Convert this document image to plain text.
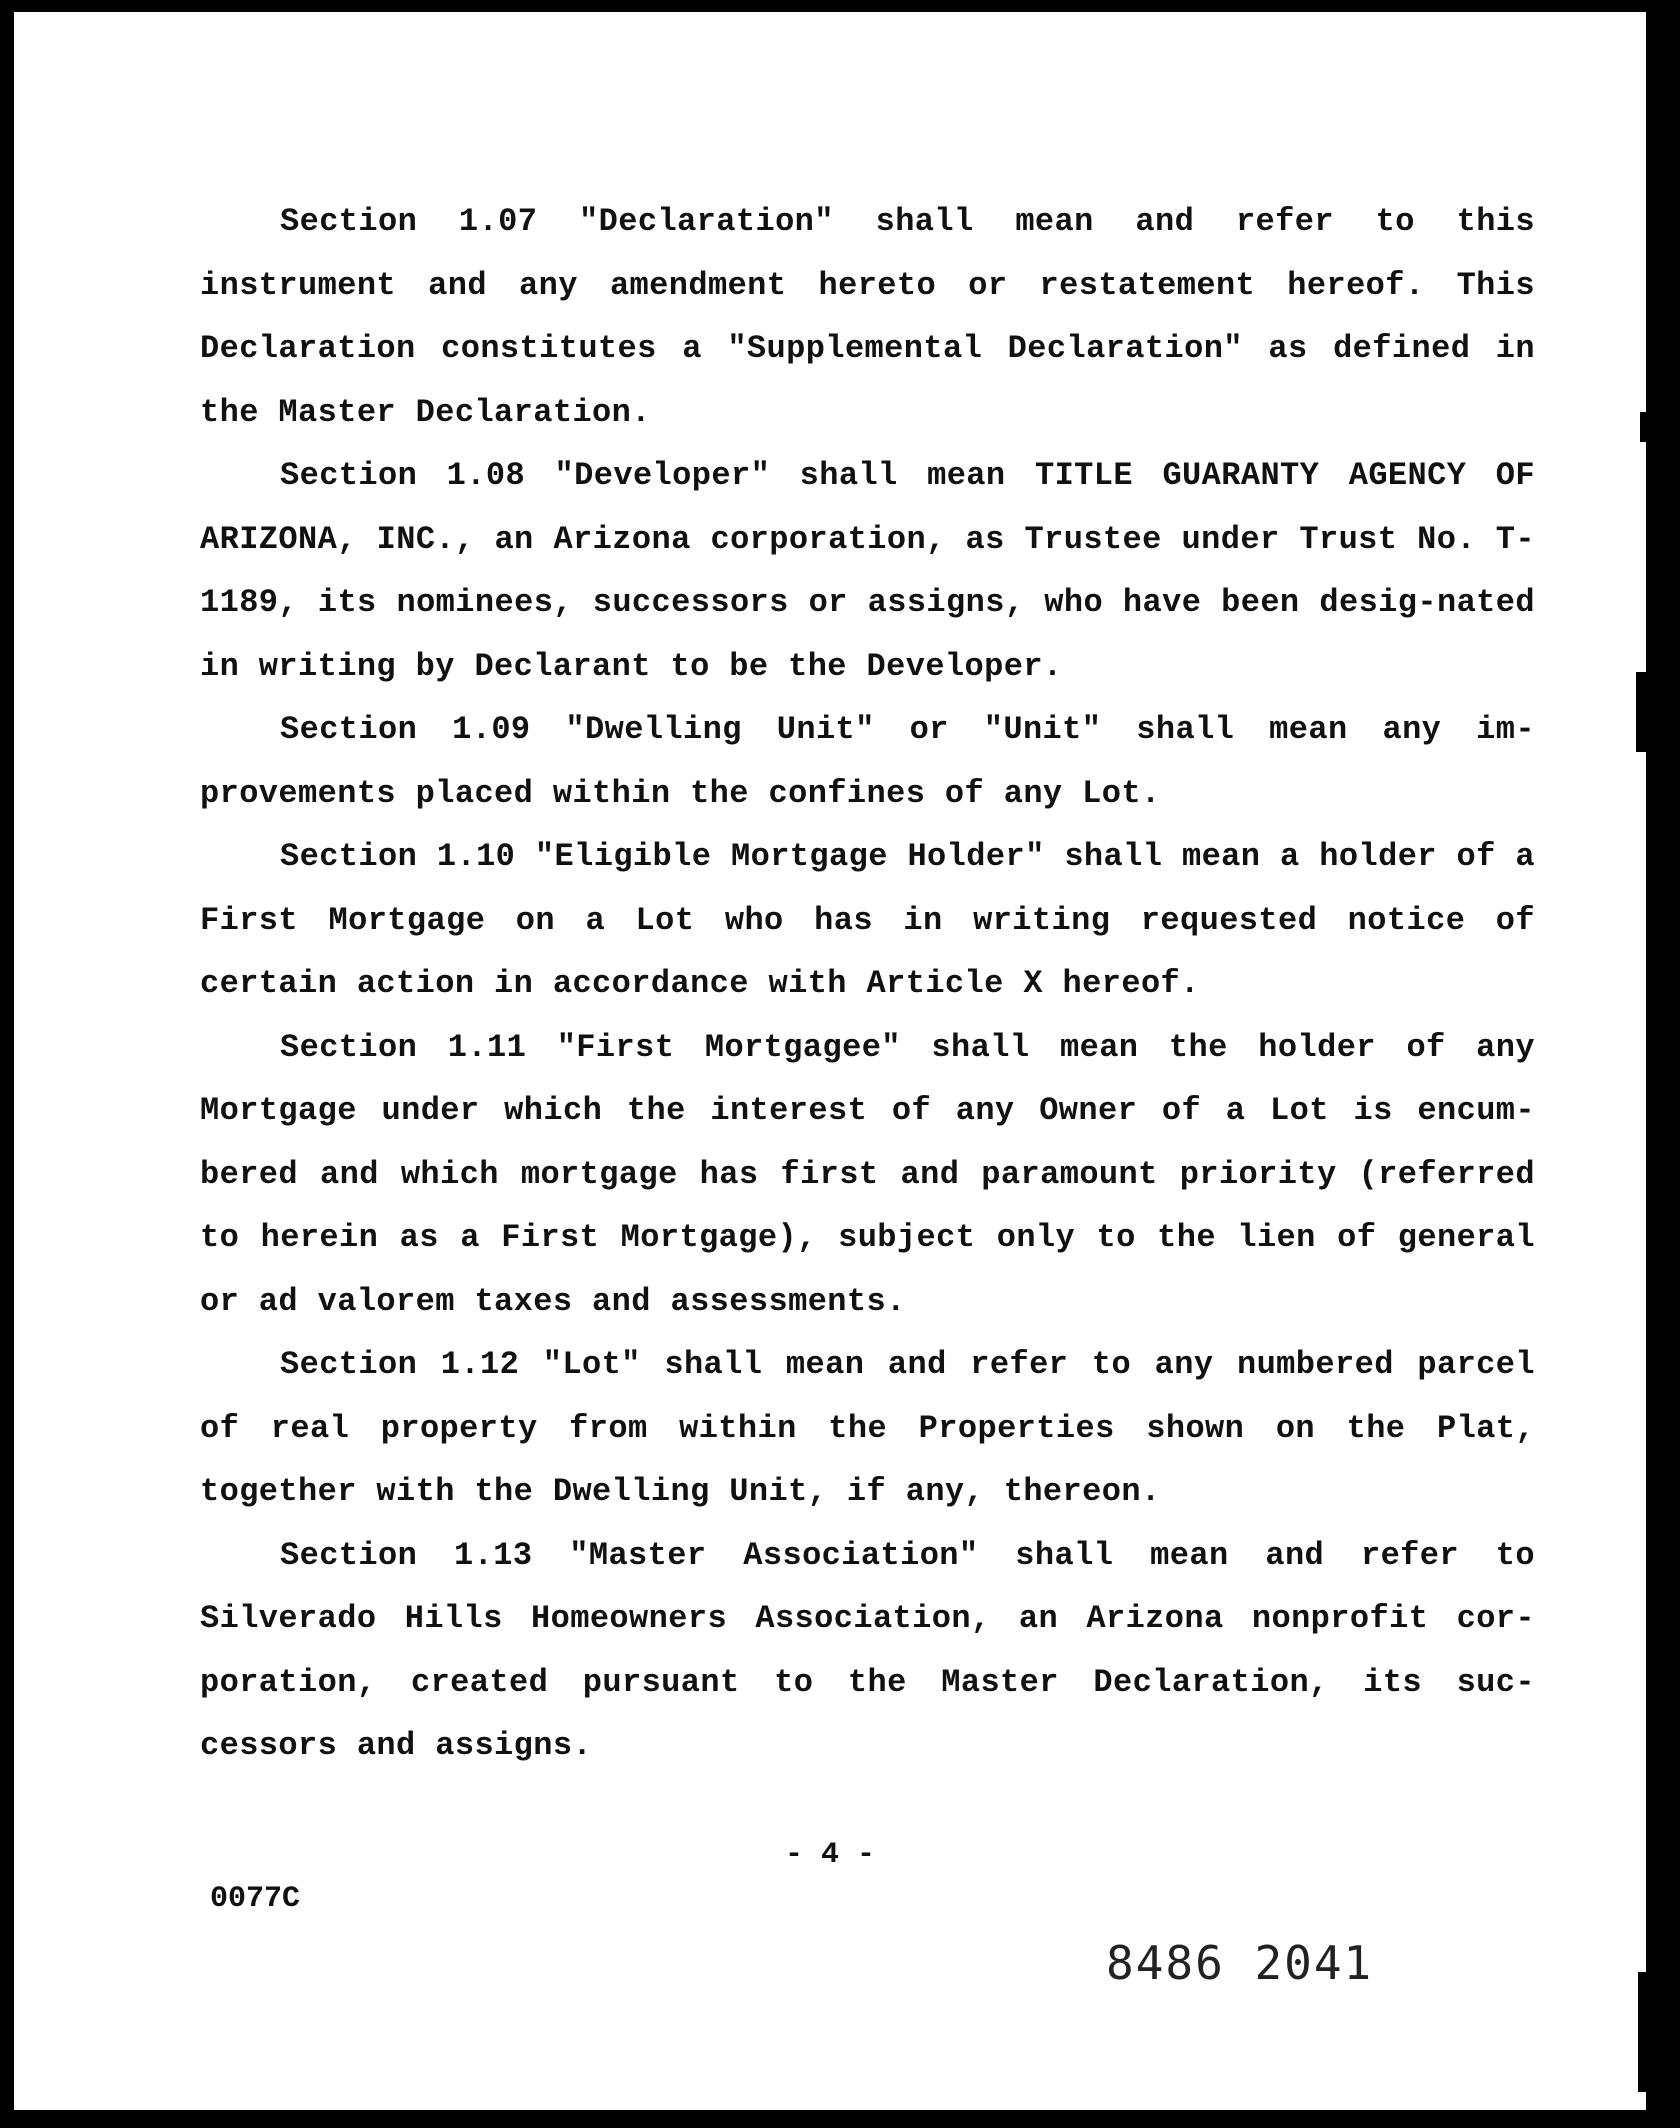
Section 1.07 "Declaration" shall mean and refer to this instrument and any amendment hereto or restatement hereof. This Declaration constitutes a "Supplemental Declaration" as defined in the Master Declaration.

Section 1.08 "Developer" shall mean TITLE GUARANTY AGENCY OF ARIZONA, INC., an Arizona corporation, as Trustee under Trust No. T-1189, its nominees, successors or assigns, who have been desig-nated in writing by Declarant to be the Developer.

Section 1.09 "Dwelling Unit" or "Unit" shall mean any im-provements placed within the confines of any Lot.

Section 1.10 "Eligible Mortgage Holder" shall mean a holder of a First Mortgage on a Lot who has in writing requested notice of certain action in accordance with Article X hereof.

Section 1.11 "First Mortgagee" shall mean the holder of any Mortgage under which the interest of any Owner of a Lot is encum-bered and which mortgage has first and paramount priority (referred to herein as a First Mortgage), subject only to the lien of general or ad valorem taxes and assessments.

Section 1.12 "Lot" shall mean and refer to any numbered parcel of real property from within the Properties shown on the Plat, together with the Dwelling Unit, if any, thereon.

Section 1.13 "Master Association" shall mean and refer to Silverado Hills Homeowners Association, an Arizona nonprofit cor-poration, created pursuant to the Master Declaration, its suc-cessors and assigns.

- 4 -
0077C
8486 2041
